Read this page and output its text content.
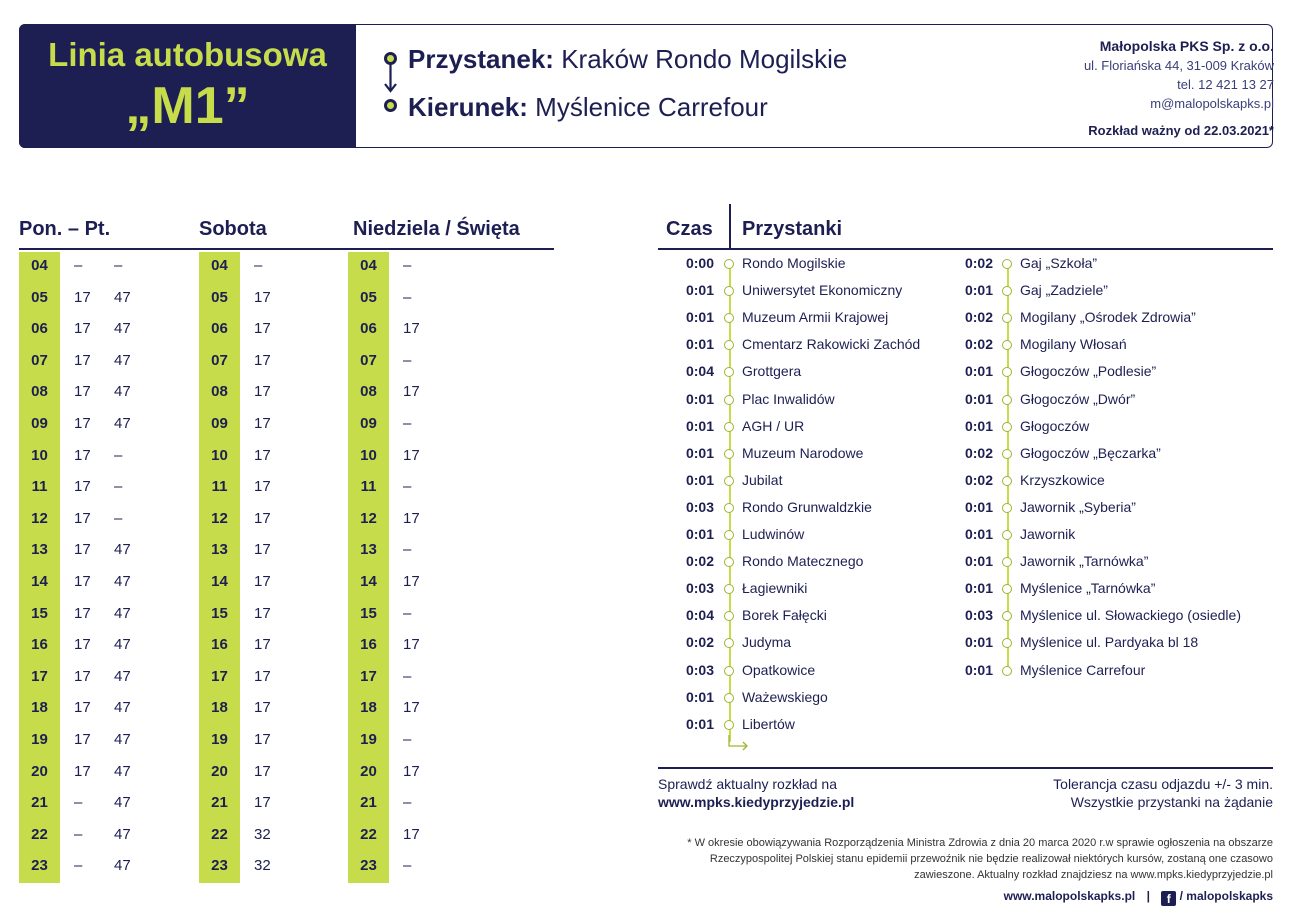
Linia autobusowa
„M1”
Przystanek: Kraków Rondo Mogilskie
Kierunek: Myślenice Carrefour
Małopolska PKS Sp. z o.o.
ul. Floriańska 44, 31-009 Kraków
tel. 12 421 13 27
m@malopolskapks.pl
Rozkład ważny od 22.03.2021*
Pon. – Pt.	Sobota	Niedziela / Święta
04	– –
05	17 47
06	17 47
07	17 47
08	17 47
09	17 47
10	17 –
11	17 –
12	17 –
13	17 47
14	17 47
15	17 47
16	17 47
17	17 47
18	17 47
19	17 47
20	17 47
21	– 47
22	– 47
23	– 47
04	–
05	17
06	17
07	17
08	17
09	17
10	17
11	17
12	17
13	17
14	17
15	17
16	17
17	17
18	17
19	17
20	17
21	17
22	32
23	32
04	–
05	–
06	17
07	–
08	17
09	–
10	17
11	–
12	17
13	–
14	17
15	–
16	17
17	–
18	17
19	–
20	17
21	–
22	17
23	–
Czas Przystanki
0:00 Rondo Mogilskie
0:01 Uniwersytet Ekonomiczny
0:01 Muzeum Armii Krajowej
0:01 Cmentarz Rakowicki Zachód
0:04 Grottgera
0:01 Plac Inwalidów
0:01 AGH / UR
0:01 Muzeum Narodowe
0:01 Jubilat
0:03 Rondo Grunwaldzkie
0:01 Ludwinów
0:02 Rondo Matecznego
0:03 Łagiewniki
0:04 Borek Fałęcki
0:02 Judyma
0:03 Opatkowice
0:01 Ważewskiego
0:01 Libertów
0:02 Gaj „Szkoła”
0:01 Gaj „Zadziele”
0:02 Mogilany „Ośrodek Zdrowia”
0:02 Mogilany Włosań
0:01 Głogoczów „Podlesie”
0:01 Głogoczów „Dwór”
0:01 Głogoczów
0:02 Głogoczów „Bęczarka”
0:02 Krzyszkowice
0:01 Jawornik „Syberia”
0:01 Jawornik
0:01 Jawornik „Tarnówka”
0:01 Myślenice „Tarnówka”
0:03 Myślenice ul. Słowackiego (osiedle)
0:01 Myślenice ul. Pardyaka bl 18
0:01 Myślenice Carrefour
Sprawdź aktualny rozkład na
www.mpks.kiedyprzyjedzie.pl
Tolerancja czasu odjazdu +/- 3 min.
Wszystkie przystanki na żądanie
* W okresie obowiązywania Rozporządzenia Ministra Zdrowia z dnia 20 marca 2020 r.w sprawie ogłoszenia na obszarze
Rzeczypospolitej Polskiej stanu epidemii przewoźnik nie będzie realizował niektórych kursów, zostaną one czasowo
zawieszone. Aktualny rozkład znajdziesz na www.mpks.kiedyprzyjedzie.pl
www.malopolskapks.pl | f / malopolskapks
